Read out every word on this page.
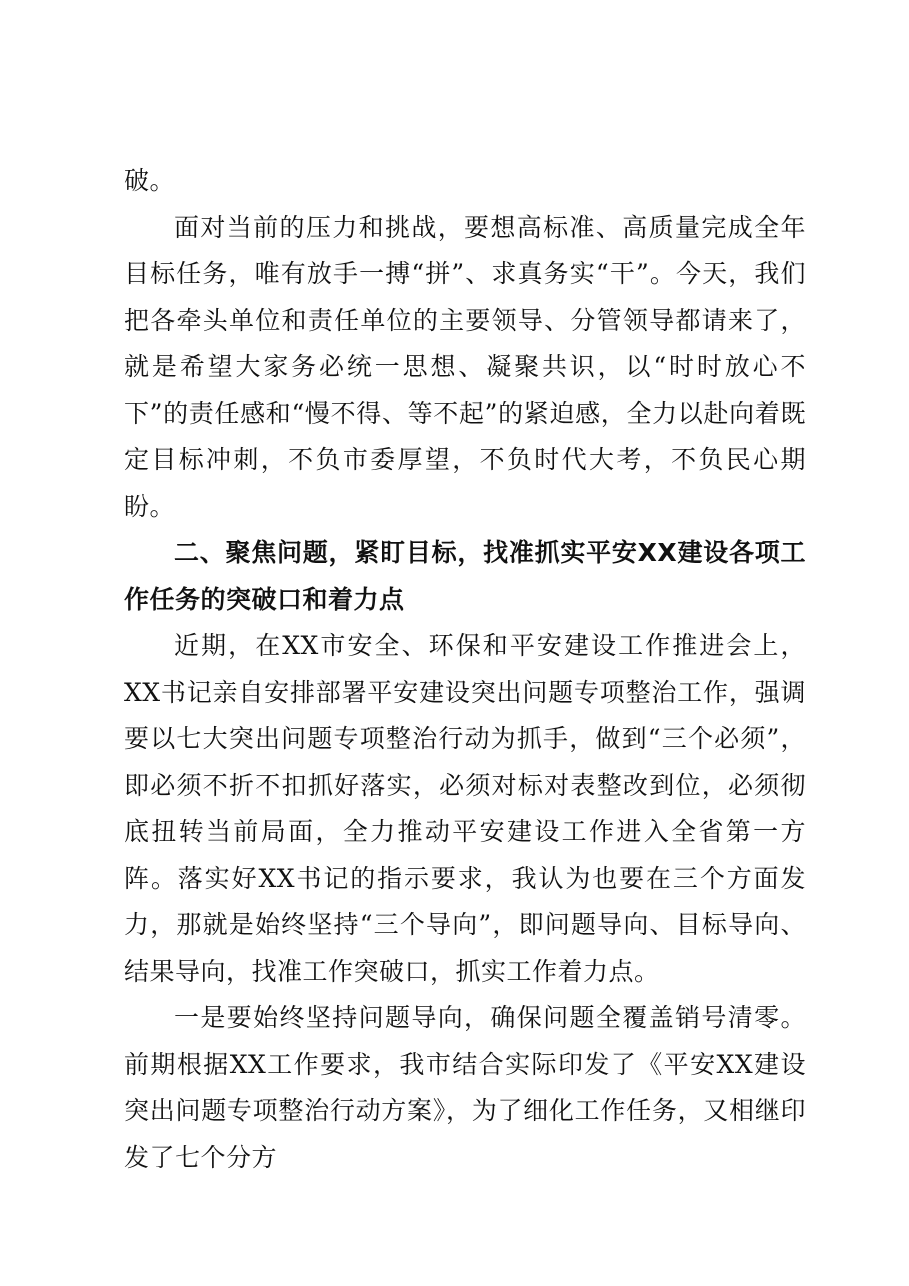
破。

面对当前的压力和挑战，要想高标准、高质量完成全年目标任务，唯有放手一搏“拼”、求真务实“干”。今天，我们把各牵头单位和责任单位的主要领导、分管领导都请来了，就是希望大家务必统一思想、凝聚共识，以“时时放心不下”的责任感和“慢不得、等不起”的紧迫感，全力以赴向着既定目标冲刺，不负市委厚望，不负时代大考，不负民心期盼。

二、聚焦问题，紧盯目标，找准抓实平安XX建设各项工作任务的突破口和着力点

近期，在XX市安全、环保和平安建设工作推进会上，XX书记亲自安排部署平安建设突出问题专项整治工作，强调要以七大突出问题专项整治行动为抓手，做到“三个必须”，即必须不折不扣抓好落实，必须对标对表整改到位，必须彻底扭转当前局面，全力推动平安建设工作进入全省第一方阵。落实好XX书记的指示要求，我认为也要在三个方面发力，那就是始终坚持“三个导向”，即问题导向、目标导向、结果导向，找准工作突破口，抓实工作着力点。

一是要始终坚持问题导向，确保问题全覆盖销号清零。前期根据XX工作要求，我市结合实际印发了《平安XX建设突出问题专项整治行动方案》，为了细化工作任务，又相继印发了七个分方
